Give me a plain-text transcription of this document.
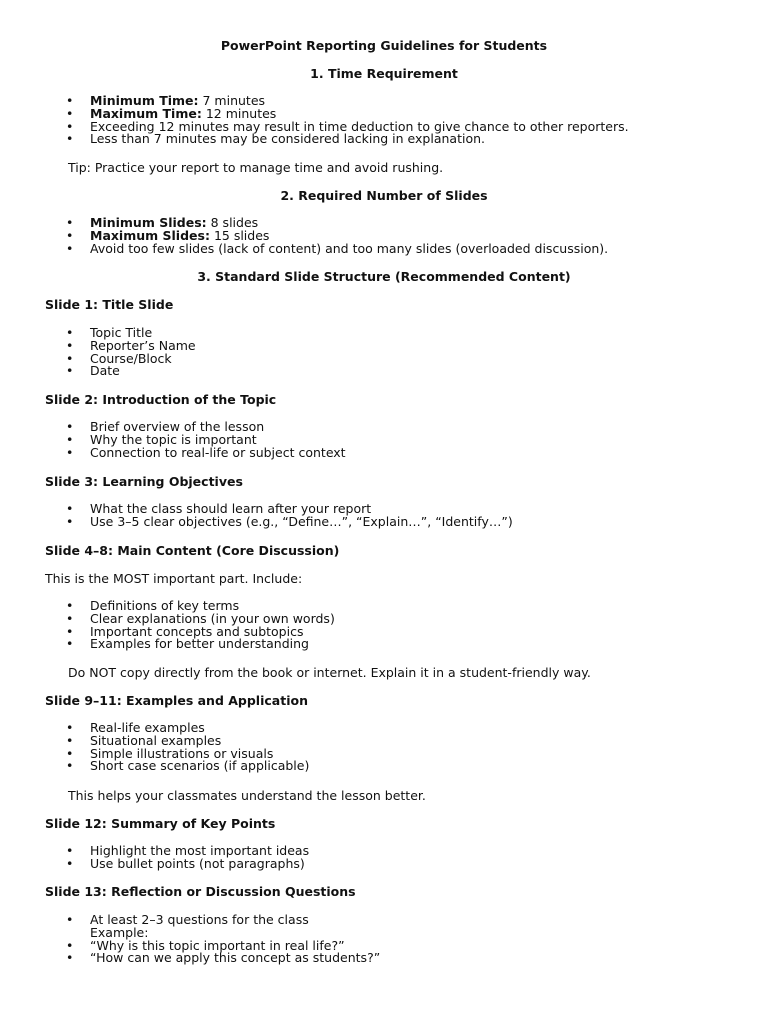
PowerPoint Reporting Guidelines for Students
1. Time Requirement
• Minimum Time: 7 minutes
• Maximum Time: 12 minutes
• Exceeding 12 minutes may result in time deduction to give chance to other reporters.
• Less than 7 minutes may be considered lacking in explanation.
Tip: Practice your report to manage time and avoid rushing.
2. Required Number of Slides
• Minimum Slides: 8 slides
• Maximum Slides: 15 slides
• Avoid too few slides (lack of content) and too many slides (overloaded discussion).
3. Standard Slide Structure (Recommended Content)
Slide 1: Title Slide
• Topic Title
• Reporter’s Name
• Course/Block
• Date
Slide 2: Introduction of the Topic
• Brief overview of the lesson
• Why the topic is important
• Connection to real-life or subject context
Slide 3: Learning Objectives
• What the class should learn after your report
• Use 3–5 clear objectives (e.g., “Define…”, “Explain…”, “Identify…”)
Slide 4–8: Main Content (Core Discussion)
This is the MOST important part. Include:
• Definitions of key terms
• Clear explanations (in your own words)
• Important concepts and subtopics
• Examples for better understanding
Do NOT copy directly from the book or internet. Explain it in a student-friendly way.
Slide 9–11: Examples and Application
• Real-life examples
• Situational examples
• Simple illustrations or visuals
• Short case scenarios (if applicable)
This helps your classmates understand the lesson better.
Slide 12: Summary of Key Points
• Highlight the most important ideas
• Use bullet points (not paragraphs)
Slide 13: Reflection or Discussion Questions
• At least 2–3 questions for the class
Example:
• “Why is this topic important in real life?”
• “How can we apply this concept as students?”
